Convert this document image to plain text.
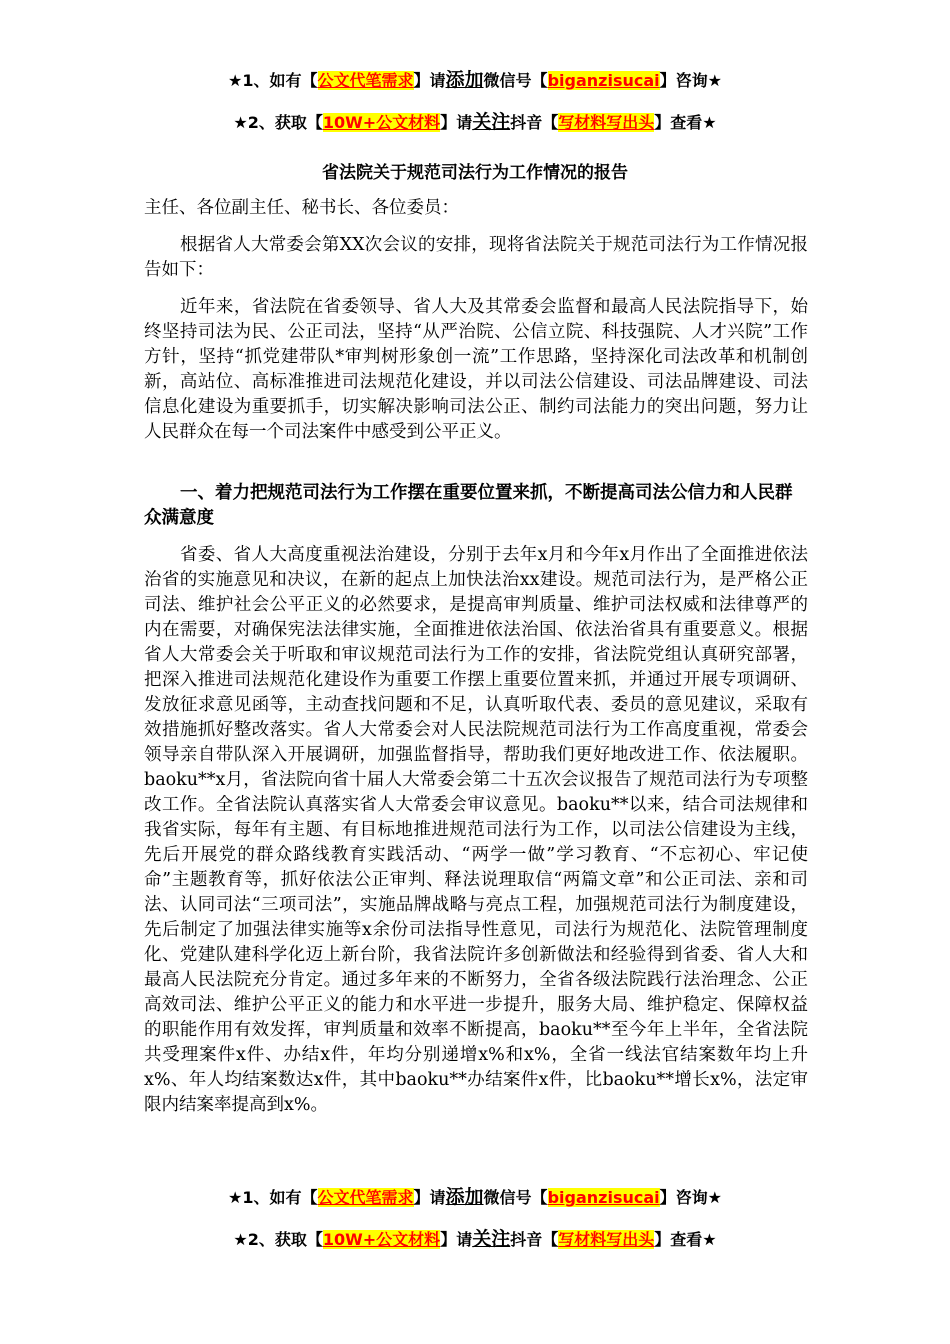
★1、如有【公文代笔需求】请添加微信号【biganzisucai】咨询★
★2、获取【10W+公文材料】请关注抖音【写材料写出头】查看★
省法院关于规范司法行为工作情况的报告
主任、各位副主任、秘书长、各位委员：
根据省人大常委会第XX次会议的安排，现将省法院关于规范司法行为工作情况报告如下：
近年来，省法院在省委领导、省人大及其常委会监督和最高人民法院指导下，始终坚持司法为民、公正司法，坚持“从严治院、公信立院、科技强院、人才兴院”工作方针，坚持“抓党建带队*审判树形象创一流”工作思路，坚持深化司法改革和机制创新，高站位、高标准推进司法规范化建设，并以司法公信建设、司法品牌建设、司法信息化建设为重要抓手，切实解决影响司法公正、制约司法能力的突出问题，努力让人民群众在每一个司法案件中感受到公平正义。
一、着力把规范司法行为工作摆在重要位置来抓，不断提高司法公信力和人民群众满意度
省委、省人大高度重视法治建设，分别于去年x月和今年x月作出了全面推进依法治省的实施意见和决议，在新的起点上加快法治xx建设。规范司法行为，是严格公正司法、维护社会公平正义的必然要求，是提高审判质量、维护司法权威和法律尊严的内在需要，对确保宪法法律实施，全面推进依法治国、依法治省具有重要意义。根据省人大常委会关于听取和审议规范司法行为工作的安排，省法院党组认真研究部署，把深入推进司法规范化建设作为重要工作摆上重要位置来抓，并通过开展专项调研、发放征求意见函等，主动查找问题和不足，认真听取代表、委员的意见建议，采取有效措施抓好整改落实。省人大常委会对人民法院规范司法行为工作高度重视，常委会领导亲自带队深入开展调研，加强监督指导，帮助我们更好地改进工作、依法履职。baoku**x月，省法院向省十届人大常委会第二十五次会议报告了规范司法行为专项整改工作。全省法院认真落实省人大常委会审议意见。baoku**以来，结合司法规律和我省实际，每年有主题、有目标地推进规范司法行为工作，以司法公信建设为主线，先后开展党的群众路线教育实践活动、“两学一做”学习教育、“不忘初心、牢记使命”主题教育等，抓好依法公正审判、释法说理取信“两篇文章”和公正司法、亲和司法、认同司法“三项司法”，实施品牌战略与亮点工程，加强规范司法行为制度建设，先后制定了加强法律实施等x余份司法指导性意见，司法行为规范化、法院管理制度化、党建队建科学化迈上新台阶，我省法院许多创新做法和经验得到省委、省人大和最高人民法院充分肯定。通过多年来的不断努力，全省各级法院践行法治理念、公正高效司法、维护公平正义的能力和水平进一步提升，服务大局、维护稳定、保障权益的职能作用有效发挥，审判质量和效率不断提高，baoku**至今年上半年，全省法院共受理案件x件、办结x件，年均分别递增x%和x%，全省一线法官结案数年均上升x%、年人均结案数达x件，其中baoku**办结案件x件，比baoku**增长x%，法定审限内结案率提高到x%。
★1、如有【公文代笔需求】请添加微信号【biganzisucai】咨询★
★2、获取【10W+公文材料】请关注抖音【写材料写出头】查看★
